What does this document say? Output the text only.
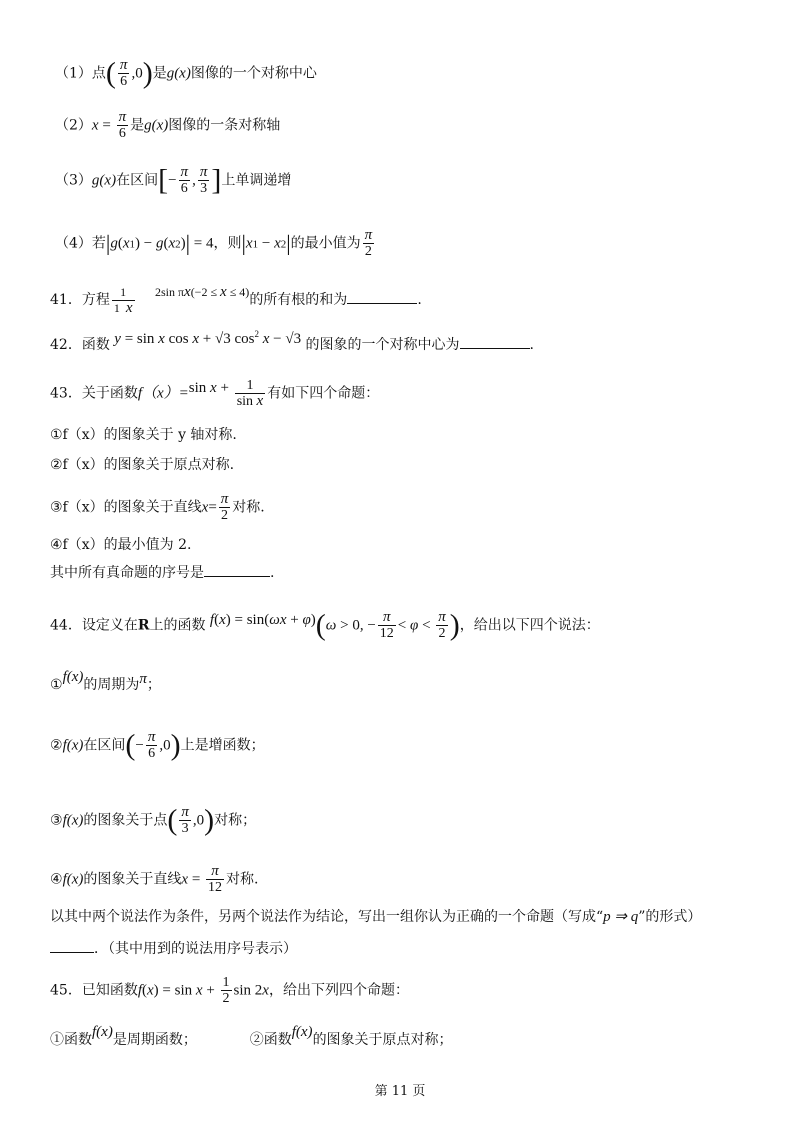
（1）点( $\frac{\pi}{6} ,0$)是g(x)图像的一个对称中心
$(2)x = \frac{\pi}{6}$ 是g(x)图像的一条对称轴
（3）g(x)在区间[− $\frac{\pi}{6}$ , $\frac{\pi}{3}$ ]上单调递增
（4）若|g(x1) − g(x2)| = 4，则|x1 − x2|的最小值为 $\frac{\pi}{2}$
41．方程 $\frac{1}{1 x} 2\sin$ πx(−2 ≤ x ≤ 4)的所有根的和为	.
42．函数 y = sin x cos x + √3 $\cos^2 x - √3$ 的图象的一个对称中心为	.
43．关于函数f（x）=sin $x + \frac{1}{\text{sin x}}$ 有如下四个命题：
①f（x）的图象关于 y 轴对称.
②f（x）的图象关于原点对称.
③f（x）的图象关于直线$x= \frac{\pi}{2}$ 对称.
④f（x）的最小值为 2.
其中所有真命题的序号是	.
44．设定义在R上的函数 f(x) = sin(ωx + φ)(ω > 0, − $\frac{\pi}{12} < \varphi < \frac{\pi}{2}$ )，给出以下四个说法：
①f(x)的周期为π；
②f(x)在区间(− $\frac{\pi}{6} ,0$)上是增函数；
③f(x)的图象关于点( $\frac{\pi}{3} ,0$)对称；
④f(x)的图象关于直线$x = \frac{\pi}{12}$ 对称.
以其中两个说法作为条件，另两个说法作为结论，写出一组你认为正确的一个命题（写成“p ⇒ q”的形式）
．（其中用到的说法用序号表示）
45．已知函数$f(x) = \sin x + \frac{1}{2}$ sin 2x，给出下列四个命题：
①函数f(x)是周期函数；	②函数f(x)的图象关于原点对称；
第 11 页
